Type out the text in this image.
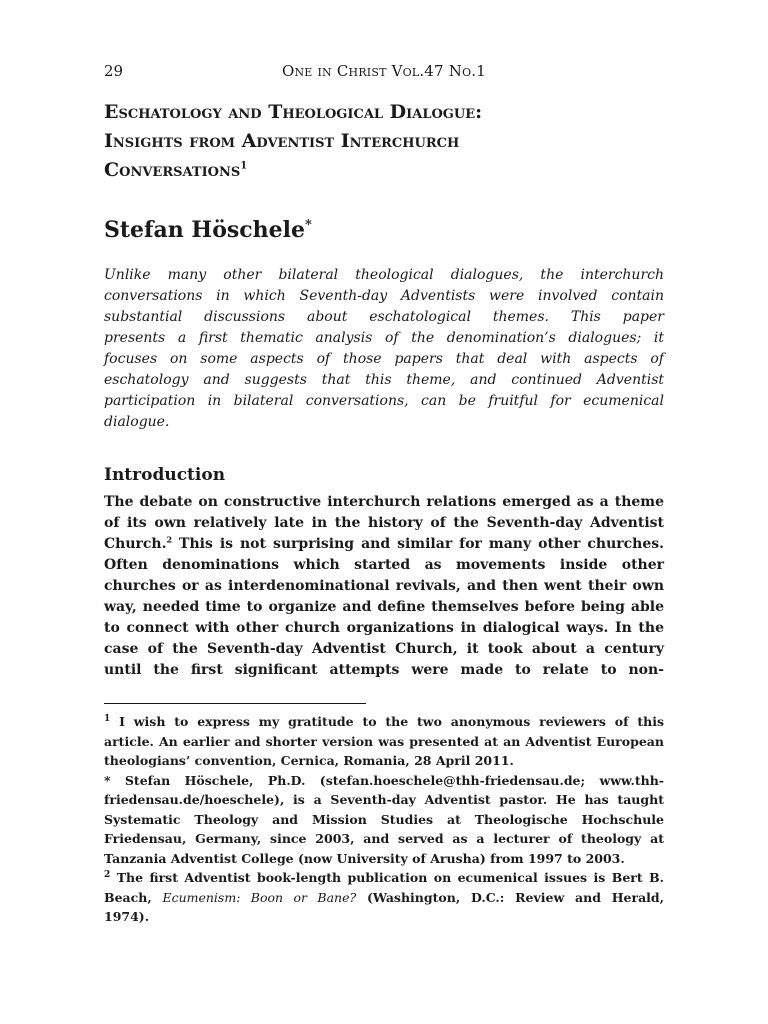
29	One in Christ Vol.47 No.1
Eschatology and Theological Dialogue:
Insights from Adventist Interchurch
Conversations$^1$
Stefan Höschele*

Unlike many other bilateral theological dialogues, the interchurch
conversations in which Seventh-day Adventists were involved contain
substantial discussions about eschatological themes. This paper
presents a first thematic analysis of the denomination’s dialogues; it
focuses on some aspects of those papers that deal with aspects of
eschatology and suggests that this theme, and continued Adventist
participation in bilateral conversations, can be fruitful for ecumenical
dialogue.

Introduction

The debate on constructive interchurch relations emerged as a theme
of its own relatively late in the history of the Seventh-day Adventist
Church.$^2$ This is not surprising and similar for many other churches.
Often denominations which started as movements inside other
churches or as interdenominational revivals, and then went their own
way, needed time to organize and define themselves before being able
to connect with other church organizations in dialogical ways. In the
case of the Seventh-day Adventist Church, it took about a century
until the first significant attempts were made to relate to non-

$^1$ I wish to express my gratitude to the two anonymous reviewers of this
article. An earlier and shorter version was presented at an Adventist European
theologians’ convention, Cernica, Romania, 28 April 2011.

* Stefan Höschele, Ph.D. (stefan.hoeschele@thh-friedensau.de; www.thh-
friedensau.de/hoeschele), is a Seventh-day Adventist pastor. He has taught
Systematic Theology and Mission Studies at Theologische Hochschule
Friedensau, Germany, since 2003, and served as a lecturer of theology at
Tanzania Adventist College (now University of Arusha) from 1997 to 2003.

$^2$ The first Adventist book-length publication on ecumenical issues is Bert B.
Beach, Ecumenism: Boon or Bane? (Washington, D.C.: Review and Herald,
1974).
